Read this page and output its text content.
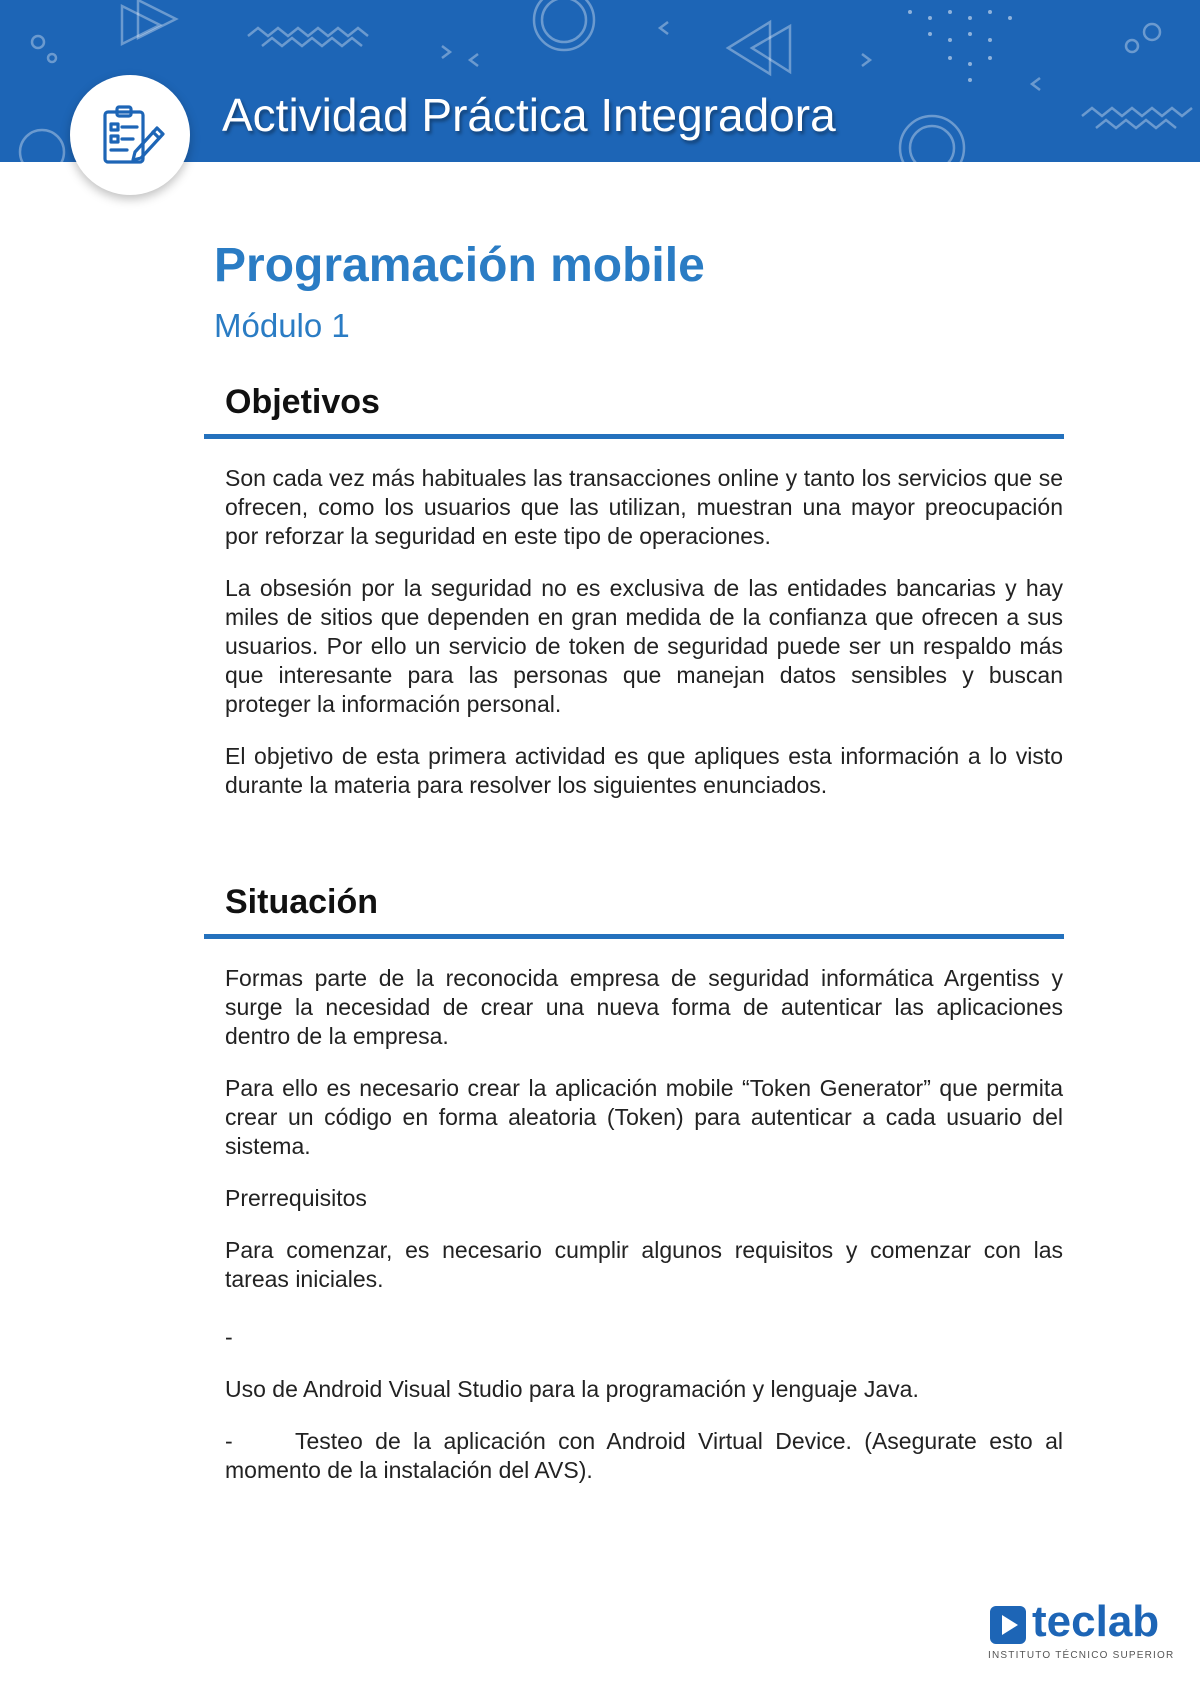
Actividad Práctica Integradora
Programación mobile
Módulo 1
Objetivos

Son cada vez más habituales las transacciones online y tanto los servicios que se ofrecen, como los usuarios que las utilizan, muestran una mayor preocupación por reforzar la seguridad en este tipo de operaciones.

La obsesión por la seguridad no es exclusiva de las entidades bancarias y hay miles de sitios que dependen en gran medida de la confianza que ofrecen a sus usuarios. Por ello un servicio de token de seguridad puede ser un respaldo más que interesante para las personas que manejan datos sensibles y buscan proteger la información personal.

El objetivo de esta primera actividad es que apliques esta información a lo visto durante la materia para resolver los siguientes enunciados.

Situación

Formas parte de la reconocida empresa de seguridad informática Argentiss y surge la necesidad de crear una nueva forma de autenticar las aplicaciones dentro de la empresa.

Para ello es necesario crear la aplicación mobile “Token Generator” que permita crear un código en forma aleatoria (Token) para autenticar a cada usuario del sistema.

Prerrequisitos

Para comenzar, es necesario cumplir algunos requisitos y comenzar con las tareas iniciales.

-

Uso de Android Visual Studio para la programación y lenguaje Java.

-	Testeo de la aplicación con Android Virtual Device. (Asegurate esto al momento de la instalación del AVS).

teclab
INSTITUTO TÉCNICO SUPERIOR
